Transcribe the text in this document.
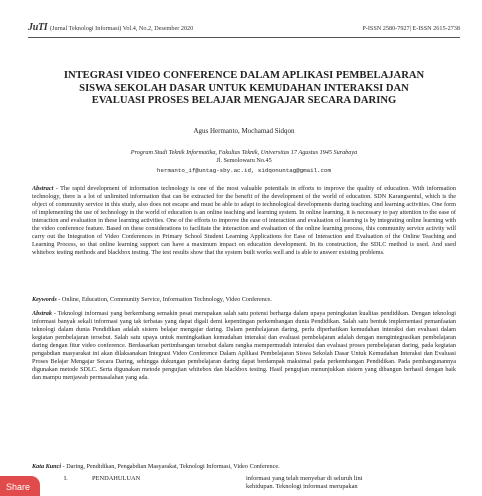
JuTI (Jurnal Teknologi Informasi) Vol.4, No.2, Desember 2020	P-ISSN 2580-7927| E-ISSN 2615-2738
INTEGRASI VIDEO CONFERENCE DALAM APLIKASI PEMBELAJARAN SISWA SEKOLAH DASAR UNTUK KEMUDAHAN INTERAKSI DAN EVALUASI PROSES BELAJAR MENGAJAR SECARA DARING
Agus Hermanto, Mochamad Sidqon
Program Studi Teknik Informatika, Fakultas Teknik, Universitas 17 Agustus 1945 Surabaya
Jl. Semolowaru No.45
hermanto_if@untag-sby.ac.id, sidqonuntag@gmail.com
Abstract - The rapid development of information technology is one of the most valuable potentials in efforts to improve the quality of education. With information technology, there is a lot of unlimited information that can be extracted for the benefit of the development of the world of education. SDN Karangsentul, which is the object of community service in this study, also does not escape and must be able to adapt to technological developments during teaching and learning activities. One form of implementing the use of technology in the world of education is an online teaching and learning system. In online learning, it is necessary to pay attention to the ease of interaction and evaluation in these learning activities. One of the efforts to improve the ease of interaction and evaluation of learning is by integrating online learning with the video conference feature. Based on these considerations to facilitate the interaction and evaluation of the online learning process, this community service activity will carry out the Integration of Video Conferences in Primary School Student Learning Applications for Ease of Interaction and Evaluation of the Online Teaching and Learning Process, so that online learning support can have a maximum impact on education development. In its construction, the SDLC method is used. And used whitebox testing methods and blackbox testing. The test results show that the system built works well and is able to answer existing problems.
Keywords - Online, Education, Community Service, Information Technology, Video Conference.
Abstrak - Teknologi informasi yang berkembang semakin pesat merupakan salah satu potensi berharga dalam upaya peningkatan kualitas pendidikan. Dengan teknologi informasi banyak sekali informasi yang tak terbatas yang dapat digali demi kepentingan perkembangan dunia Pendidikan. Salah satu bentuk implementasi pemanfaatan teknologi dalam dunia Pendidikan adalah sistem belajar mengajar daring. Dalam pembelajaran daring, perlu diperhatikan kemudahan interaksi dan evaluasi dalam kegiatan pembelajaran tersebut. Salah satu upaya untuk meningkatkan kemudahan interaksi dan evaluasi pembelajaran adalah dengan mengintegrasikan pembelajaran daring dengan fitur video conference. Berdasarkan pertimbangan tersebut dalam rangka mempermudah interaksi dan evaluasi proses pembelajaran daring, pada kegiatan pengabdian masyarakat ini akan dilaksanakan Integrasi Video Conference Dalam Aplikasi Pembelajaran Siswa Sekolah Dasar Untuk Kemudahan Interaksi dan Evaluasi Proses Belajar Mengajar Secara Daring, sehingga dukungan pembelajaran daring dapat berdampak maksimal pada perkembangan Pendidikan. Pada pembangunannya digunakan metode SDLC. Serta digunakan metode pengujian whitebox dan blackbox testing. Hasil pengujian menunjukkan sistem yang dibangun berhasil dengan baik dan mampu menjawab permasalahan yang ada.
Kata Kunci - Daring, Pendidikan, Pengabdian Masyarakat, Teknologi Informasi, Video Conference.
I.	PENDAHULUAN	informasi yang telah menyebar di seluruh lini
kehidupan. Teknologi informasi merupakan
Share
